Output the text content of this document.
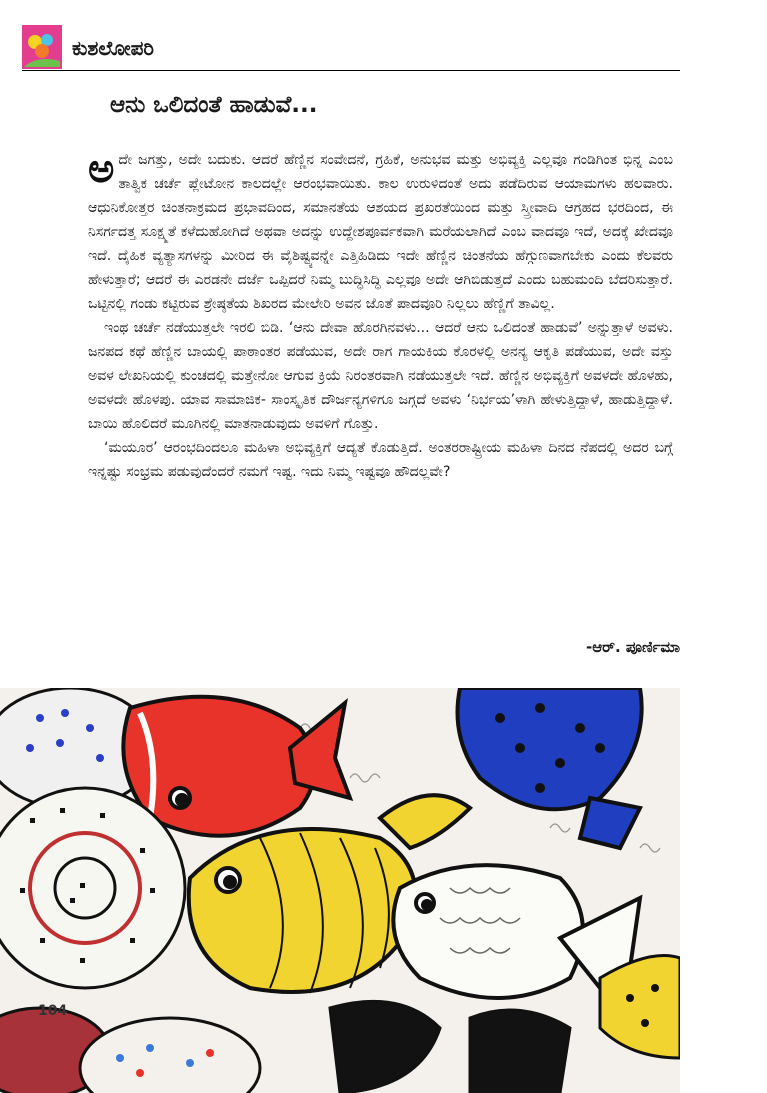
ಕುಶಲೋಪರಿ
ಆನು ಒಲಿದಂತೆ ಹಾಡುವೆ...

ಅದೇ ಜಗತ್ತು, ಅದೇ ಬದುಕು. ಆದರೆ ಹೆಣ್ಣಿನ ಸಂವೇದನೆ, ಗ್ರಹಿಕೆ, ಅನುಭವ ಮತ್ತು ಅಭಿವ್ಯಕ್ತಿ ಎಲ್ಲವೂ ಗಂಡಿಗಿಂತ ಭಿನ್ನ ಎಂಬ ತಾತ್ವಿಕ ಚರ್ಚೆ ಪ್ಲೇಟೋನ ಕಾಲದಲ್ಲೇ ಆರಂಭವಾಯಿತು. ಕಾಲ ಉರುಳಿದಂತೆ ಅದು ಪಡೆದಿರುವ ಆಯಾಮಗಳು ಹಲವಾರು. ಆಧುನಿಕೋತ್ತರ ಚಿಂತನಾಕ್ರಮದ ಪ್ರಭಾವದಿಂದ, ಸಮಾನತೆಯ ಆಶಯದ ಪ್ರಖರತೆಯಿಂದ ಮತ್ತು ಸ್ತ್ರೀವಾದಿ ಆಗ್ರಹದ ಭರದಿಂದ, ಈ ನಿಸರ್ಗದತ್ತ ಸೂಕ್ಷ್ಮತೆ ಕಳೆದುಹೋಗಿದೆ ಅಥವಾ ಅದನ್ನು ಉದ್ದೇಶಪೂರ್ವಕವಾಗಿ ಮರೆಯಲಾಗಿದೆ ಎಂಬ ವಾದವೂ ಇದೆ, ಅದಕ್ಕೆ ಖೇದವೂ ಇದೆ. ದೈಹಿಕ ವ್ಯತ್ಯಾಸಗಳನ್ನು ಮೀರಿದ ಈ ವೈಶಿಷ್ಟ್ಯವನ್ನೇ ಎತ್ತಿಹಿಡಿದು ಇದೇ ಹೆಣ್ಣಿನ ಚಿಂತನೆಯ ಹೆಗ್ಗುಣವಾಗಬೇಕು ಎಂದು ಕೆಲವರು ಹೇಳುತ್ತಾರೆ; ಆದರೆ ಈ ಎರಡನೇ ದರ್ಜೆ ಒಪ್ಪಿದರೆ ನಿಮ್ಮ ಬುದ್ಧಿಸಿದ್ಧಿ ಎಲ್ಲವೂ ಅದೇ ಆಗಿಬಿಡುತ್ತದೆ ಎಂದು ಬಹುಮಂದಿ ಬೆದರಿಸುತ್ತಾರೆ. ಒಟ್ಟಿನಲ್ಲಿ ಗಂಡು ಕಟ್ಟಿರುವ ಶ್ರೇಷ್ಠತೆಯ ಶಿಖರದ ಮೇಲೇರಿ ಅವನ ಜೊತೆ ಪಾದವೂರಿ ನಿಲ್ಲಲು ಹೆಣ್ಣಿಗೆ ತಾವಿಲ್ಲ.

ಇಂಥ ಚರ್ಚೆ ನಡೆಯುತ್ತಲೇ ಇರಲಿ ಬಿಡಿ. ‘ಆನು ದೇವಾ ಹೊರಗಿನವಳು... ಆದರೆ ಆನು ಒಲಿದಂತೆ ಹಾಡುವೆ’ ಅನ್ನುತ್ತಾಳೆ ಅವಳು. ಜನಪದ ಕಥೆ ಹೆಣ್ಣಿನ ಬಾಯಲ್ಲಿ ಪಾಠಾಂತರ ಪಡೆಯುವ, ಅದೇ ರಾಗ ಗಾಯಕಿಯ ಕೊರಳಲ್ಲಿ ಅನನ್ಯ ಆಕೃತಿ ಪಡೆಯುವ, ಅದೇ ವಸ್ತು ಅವಳ ಲೇಖನಿಯಲ್ಲಿ ಕುಂಚದಲ್ಲಿ ಮತ್ತೇನೋ ಆಗುವ ಕ್ರಿಯೆ ನಿರಂತರವಾಗಿ ನಡೆಯುತ್ತಲೇ ಇದೆ. ಹೆಣ್ಣಿನ ಅಭಿವ್ಯಕ್ತಿಗೆ ಅವಳದೇ ಹೊಳಹು, ಅವಳದೇ ಹೊಳಪು. ಯಾವ ಸಾಮಾಜಿಕ- ಸಾಂಸ್ಕೃತಿಕ ದೌರ್ಜನ್ಯಗಳಿಗೂ ಜಗ್ಗದೆ ಅವಳು ‘ನಿರ್ಭಯ’ಳಾಗಿ ಹೇಳುತ್ತಿದ್ದಾಳೆ, ಹಾಡುತ್ತಿದ್ದಾಳೆ. ಬಾಯಿ ಹೊಲಿದರೆ ಮೂಗಿನಲ್ಲಿ ಮಾತನಾಡುವುದು ಅವಳಿಗೆ ಗೊತ್ತು.

‘ಮಯೂರ’ ಆರಂಭದಿಂದಲೂ ಮಹಿಳಾ ಅಭಿವ್ಯಕ್ತಿಗೆ ಆದ್ಯತೆ ಕೊಡುತ್ತಿದೆ. ಅಂತರರಾಷ್ಟ್ರೀಯ ಮಹಿಳಾ ದಿನದ ನೆಪದಲ್ಲಿ ಅದರ ಬಗ್ಗೆ ಇನ್ನಷ್ಟು ಸಂಭ್ರಮ ಪಡುವುದೆಂದರೆ ನಮಗೆ ಇಷ್ಟ. ಇದು ನಿಮ್ಮ ಇಷ್ಟವೂ ಹೌದಲ್ಲವೇ?

-ಆರ್. ಪೂರ್ಣಿಮಾ
104
